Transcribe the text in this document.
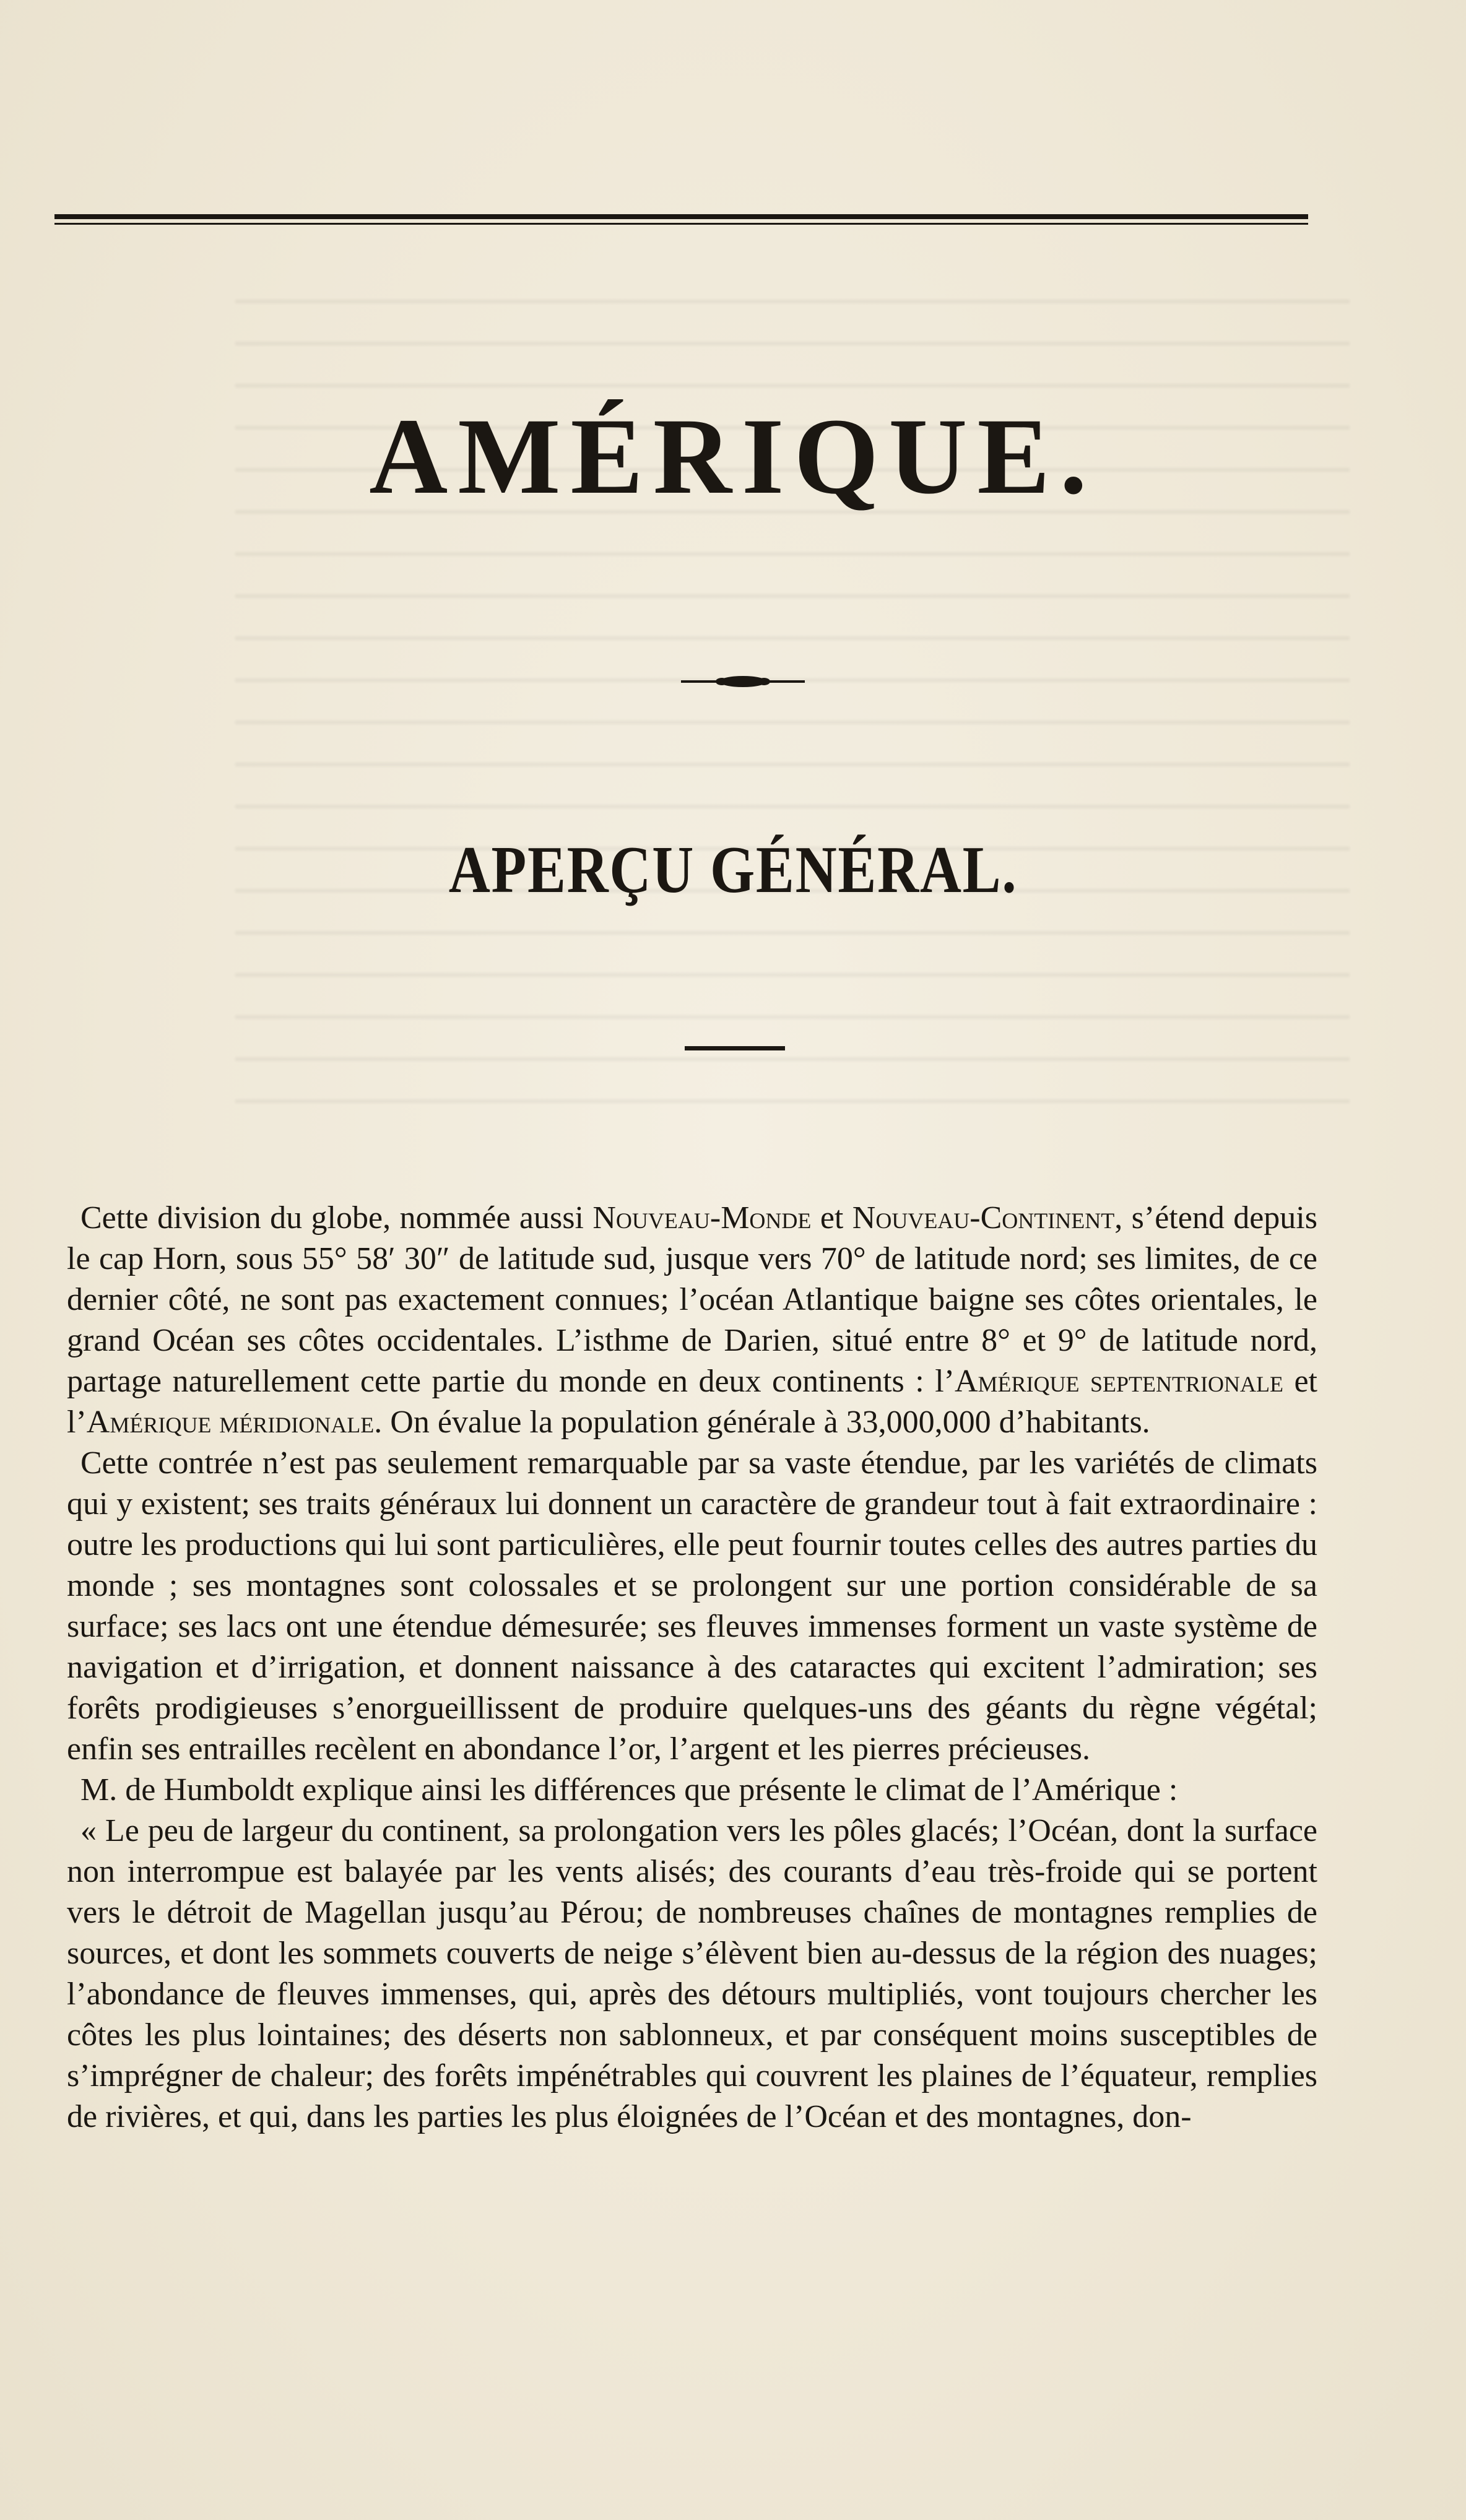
AMÉRIQUE.
APERÇU GÉNÉRAL.

Cette division du globe, nommée aussi Nouveau-Monde et Nouveau-Continent, s’étend depuis le cap Horn, sous 55° 58′ 30″ de latitude sud, jusque vers 70° de latitude nord; ses limites, de ce dernier côté, ne sont pas exactement connues; l’océan Atlantique baigne ses côtes orientales, le grand Océan ses côtes occidentales. L’isthme de Darien, situé entre 8° et 9° de latitude nord, partage naturellement cette partie du monde en deux continents : l’Amérique septentrionale et l’Amérique méridionale. On évalue la population générale à 33,000,000 d’habitants.

Cette contrée n’est pas seulement remarquable par sa vaste étendue, par les variétés de climats qui y existent; ses traits généraux lui donnent un caractère de grandeur tout à fait extraordinaire : outre les productions qui lui sont particulières, elle peut fournir toutes celles des autres parties du monde ; ses montagnes sont colossales et se prolongent sur une portion considérable de sa surface; ses lacs ont une étendue démesurée; ses fleuves immenses forment un vaste système de navigation et d’irrigation, et donnent naissance à des cataractes qui excitent l’admiration; ses forêts prodigieuses s’enorgueillissent de produire quelques-uns des géants du règne végétal; enfin ses entrailles recèlent en abondance l’or, l’argent et les pierres précieuses.

M. de Humboldt explique ainsi les différences que présente le climat de l’Amérique :

« Le peu de largeur du continent, sa prolongation vers les pôles glacés; l’Océan, dont la surface non interrompue est balayée par les vents alisés; des courants d’eau très-froide qui se portent vers le détroit de Magellan jusqu’au Pérou; de nombreuses chaînes de montagnes remplies de sources, et dont les sommets couverts de neige s’élèvent bien au-dessus de la région des nuages; l’abondance de fleuves immenses, qui, après des détours multipliés, vont toujours chercher les côtes les plus lointaines; des déserts non sablonneux, et par conséquent moins susceptibles de s’imprégner de chaleur; des forêts impénétrables qui couvrent les plaines de l’équateur, remplies de rivières, et qui, dans les parties les plus éloignées de l’Océan et des montagnes, don-
